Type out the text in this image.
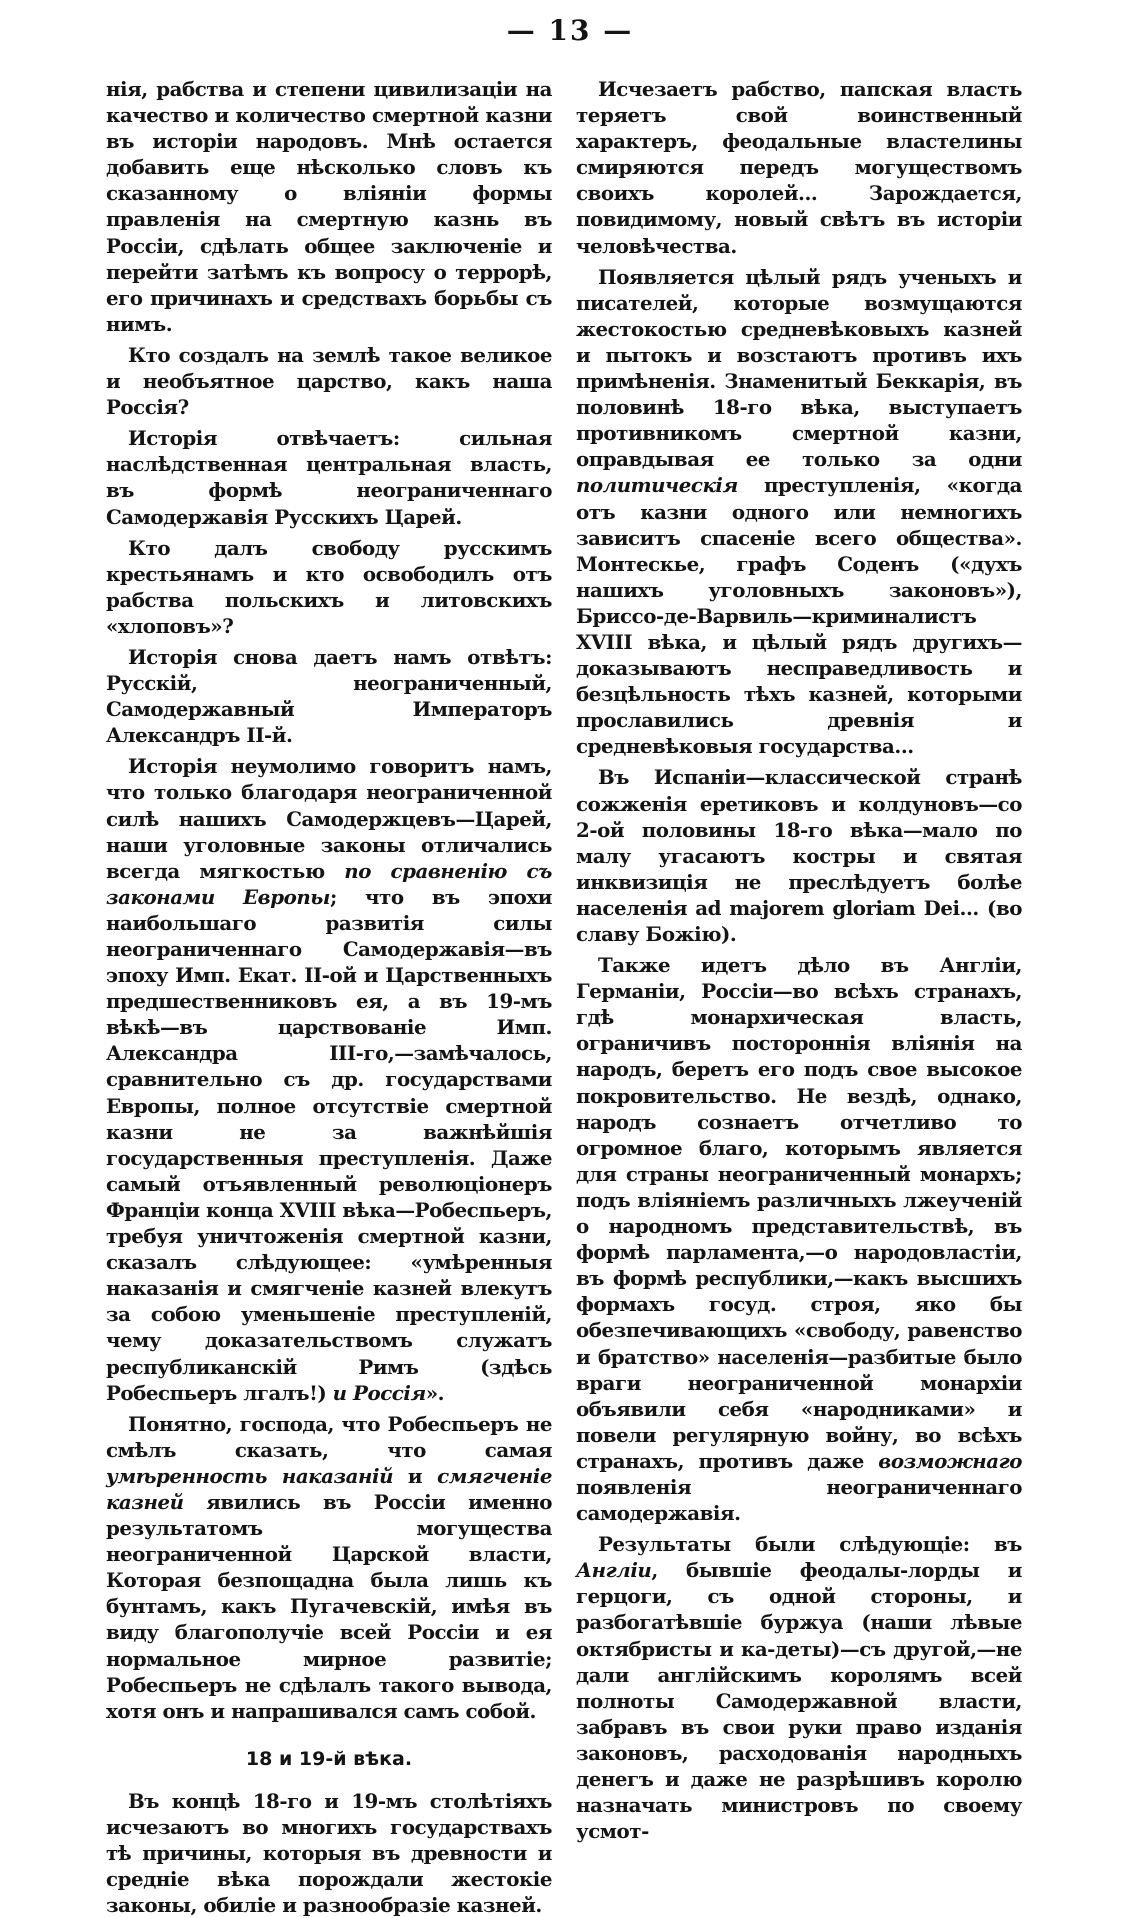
— 13 —

нія, рабства и степени цивилизаціи на качество и количество смертной казни въ исторіи народовъ. Мнѣ остается добавить еще нѣсколько словъ къ сказанному о вліяніи формы правленія на смертную казнь въ Россіи, сдѣлать общее заключеніе и перейти затѣмъ къ вопросу о террорѣ, его причинахъ и средствахъ борьбы съ нимъ.

Кто создалъ на землѣ такое великое и необъятное царство, какъ наша Россія?

Исторія отвѣчаетъ: сильная наслѣдственная центральная власть, въ формѣ неограниченнаго Самодержавія Русскихъ Царей.

Кто далъ свободу русскимъ крестьянамъ и кто освободилъ отъ рабства польскихъ и литовскихъ «хлоповъ»?

Исторія снова даетъ намъ отвѣтъ: Русскій, неограниченный, Самодержавный Императоръ Александръ II-й.

Исторія неумолимо говоритъ намъ, что только благодаря неограниченной силѣ нашихъ Самодержцевъ—Царей, наши уголовные законы отличались всегда мягкостью по сравненію съ законами Европы; что въ эпохи наибольшаго развитія силы неограниченнаго Самодержавія—въ эпоху Имп. Екат. II-ой и Царственныхъ предшественниковъ ея, а въ 19-мъ вѣкѣ—въ царствованіе Имп. Александра III-го,—замѣчалось, сравнительно съ др. государствами Европы, полное отсутствіе смертной казни не за важнѣйшія государственныя преступленія. Даже самый отъявленный революціонеръ Франціи конца XVIII вѣка—Робеспьеръ, требуя уничтоженія смертной казни, сказалъ слѣдующее: «умѣренныя наказанія и смягченіе казней влекутъ за собою уменьшеніе преступленій, чему доказательствомъ служатъ республиканскій Римъ (здѣсь Робеспьеръ лгалъ!) и Россія».

Понятно, господа, что Робеспьеръ не смѣлъ сказать, что самая умѣренность наказаній и смягченіе казней явились въ Россіи именно результатомъ могущества неограниченной Царской власти, Которая безпощадна была лишь къ бунтамъ, какъ Пугачевскій, имѣя въ виду благополучіе всей Россіи и ея нормальное мирное развитіе; Робеспьеръ не сдѣлалъ такого вывода, хотя онъ и напрашивался самъ собой.

18 и 19-й вѣка.

Въ концѣ 18-го и 19-мъ столѣтіяхъ исчезаютъ во многихъ государствахъ тѣ причины, которыя въ древности и средніе вѣка порождали жестокіе законы, обиліе и разнообразіе казней.

Исчезаетъ рабство, папская власть теряетъ свой воинственный характеръ, феодальные властелины смиряются передъ могуществомъ своихъ королей... Зарождается, повидимому, новый свѣтъ въ исторіи человѣчества.

Появляется цѣлый рядъ ученыхъ и писателей, которые возмущаются жестокостью средневѣковыхъ казней и пытокъ и возстаютъ противъ ихъ примѣненія. Знаменитый Беккарія, въ половинѣ 18-го вѣка, выступаетъ противникомъ смертной казни, оправдывая ее только за одни политическія преступленія, «когда отъ казни одного или немногихъ зависитъ спасеніе всего общества». Монтескье, графъ Соденъ («духъ нашихъ уголовныхъ законовъ»), Бриссо-де-Варвиль—криминалистъ XVIII вѣка, и цѣлый рядъ другихъ—доказываютъ несправедливость и безцѣльность тѣхъ казней, которыми прославились древнія и средневѣковыя государства...

Въ Испаніи—классической странѣ сожженія еретиковъ и колдуновъ—со 2-ой половины 18-го вѣка—мало по малу угасаютъ костры и святая инквизиція не преслѣдуетъ болѣе населенія ad majorem gloriam Dei... (во славу Божію).

Также идетъ дѣло въ Англіи, Германіи, Россіи—во всѣхъ странахъ, гдѣ монархическая власть, ограничивъ постороннія вліянія на народъ, беретъ его подъ свое высокое покровительство. Не вездѣ, однако, народъ сознаетъ отчетливо то огромное благо, которымъ является для страны неограниченный монархъ; подъ вліяніемъ различныхъ лжеученій о народномъ представительствѣ, въ формѣ парламента,—о народовластіи, въ формѣ республики,—какъ высшихъ формахъ госуд. строя, яко бы обезпечивающихъ «свободу, равенство и братство» населенія—разбитые было враги неограниченной монархіи объявили себя «народниками» и повели регулярную войну, во всѣхъ странахъ, противъ даже возможнаго появленія неограниченнаго самодержавія.

Результаты были слѣдующіе: въ Англіи, бывшіе феодалы-лорды и герцоги, съ одной стороны, и разбогатѣвшіе буржуа (наши лѣвые октябристы и ка-деты)—съ другой,—не дали англійскимъ королямъ всей полноты Самодержавной власти, забравъ въ свои руки право изданія законовъ, расходованія народныхъ денегъ и даже не разрѣшивъ королю назначать министровъ по своему усмот-
